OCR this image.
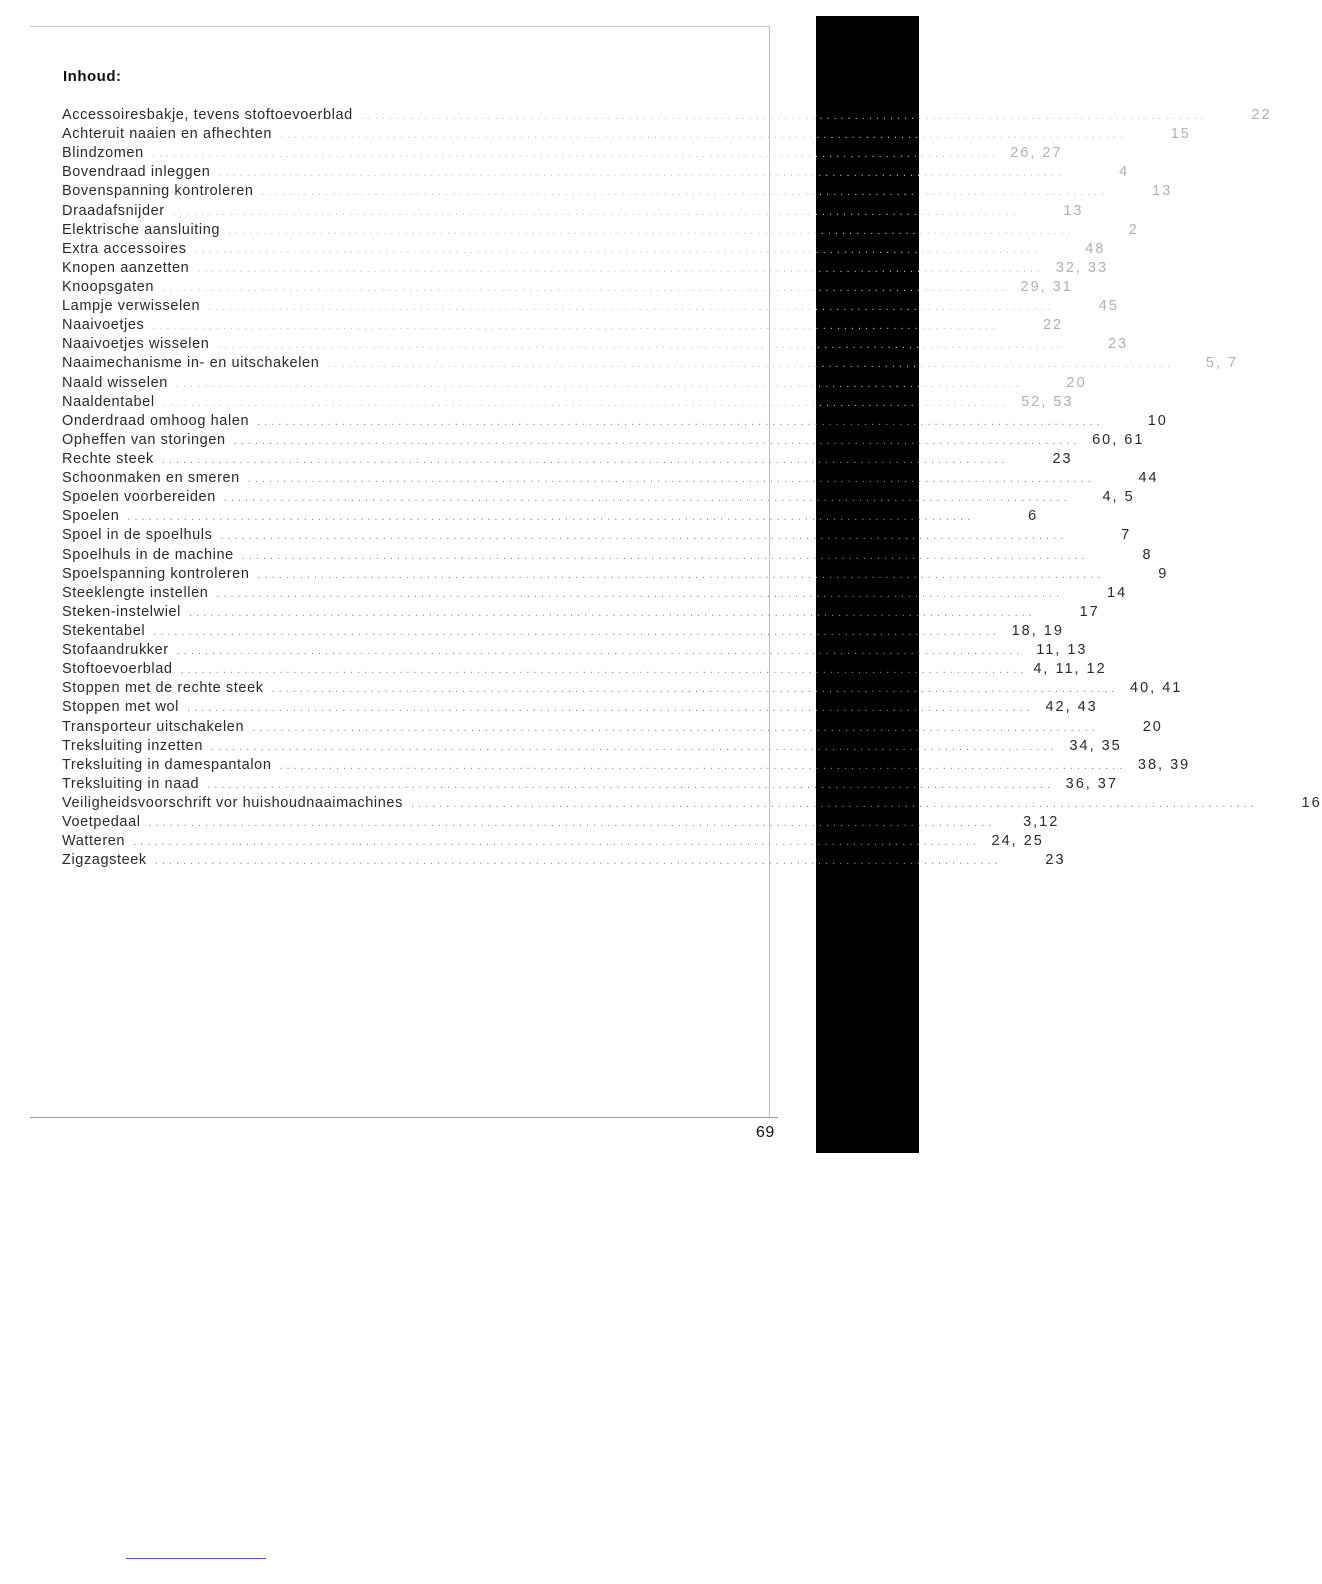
Inhoud:
Accessoiresbakje, tevens stoftoevoerblad ........................................................................................................................	22
Achteruit naaien en afhechten ........................................................................................................................	15
Blindzomen ........................................................................................................................ 26, 27
Bovendraad inleggen ........................................................................................................................	4
Bovenspanning kontroleren ........................................................................................................................	13
Draadafsnijder ........................................................................................................................	13
Elektrische aansluiting ........................................................................................................................	2
Extra accessoires ........................................................................................................................	48
Knopen aanzetten ........................................................................................................................ 32, 33
Knoopsgaten ........................................................................................................................ 29, 31
Lampje verwisselen ........................................................................................................................	45
Naaivoetjes ........................................................................................................................	22
Naaivoetjes wisselen ........................................................................................................................	23
Naaimechanisme in- en uitschakelen ........................................................................................................................	5, 7
Naald wisselen ........................................................................................................................	20
Naaldentabel ........................................................................................................................ 52, 53
Onderdraad omhoog halen ........................................................................................................................	10
Opheffen van storingen ........................................................................................................................ 60, 61
Rechte steek ........................................................................................................................	23
Schoonmaken en smeren ........................................................................................................................	44
Spoelen voorbereiden ........................................................................................................................	4, 5
Spoelen ........................................................................................................................	6
Spoel in de spoelhuls ........................................................................................................................	7
Spoelhuls in de machine ........................................................................................................................	8
Spoelspanning kontroleren ........................................................................................................................	9
Steeklengte instellen ........................................................................................................................	14
Steken-instelwiel ........................................................................................................................	17
Stekentabel ........................................................................................................................ 18, 19
Stofaandrukker ........................................................................................................................ 11, 13
Stoftoevoerblad ........................................................................................................................ 4, 11, 12
Stoppen met de rechte steek ........................................................................................................................ 40, 41
Stoppen met wol ........................................................................................................................ 42, 43
Transporteur uitschakelen ........................................................................................................................	20
Treksluiting inzetten ........................................................................................................................ 34, 35
Treksluiting in damespantalon ........................................................................................................................ 38, 39
Treksluiting in naad ........................................................................................................................ 36, 37
Veiligheidsvoorschrift vor huishoudnaaimachines ........................................................................................................................	16
Voetpedaal ........................................................................................................................	3,12
Watteren ........................................................................................................................ 24, 25
Zigzagsteek ........................................................................................................................	23
69
